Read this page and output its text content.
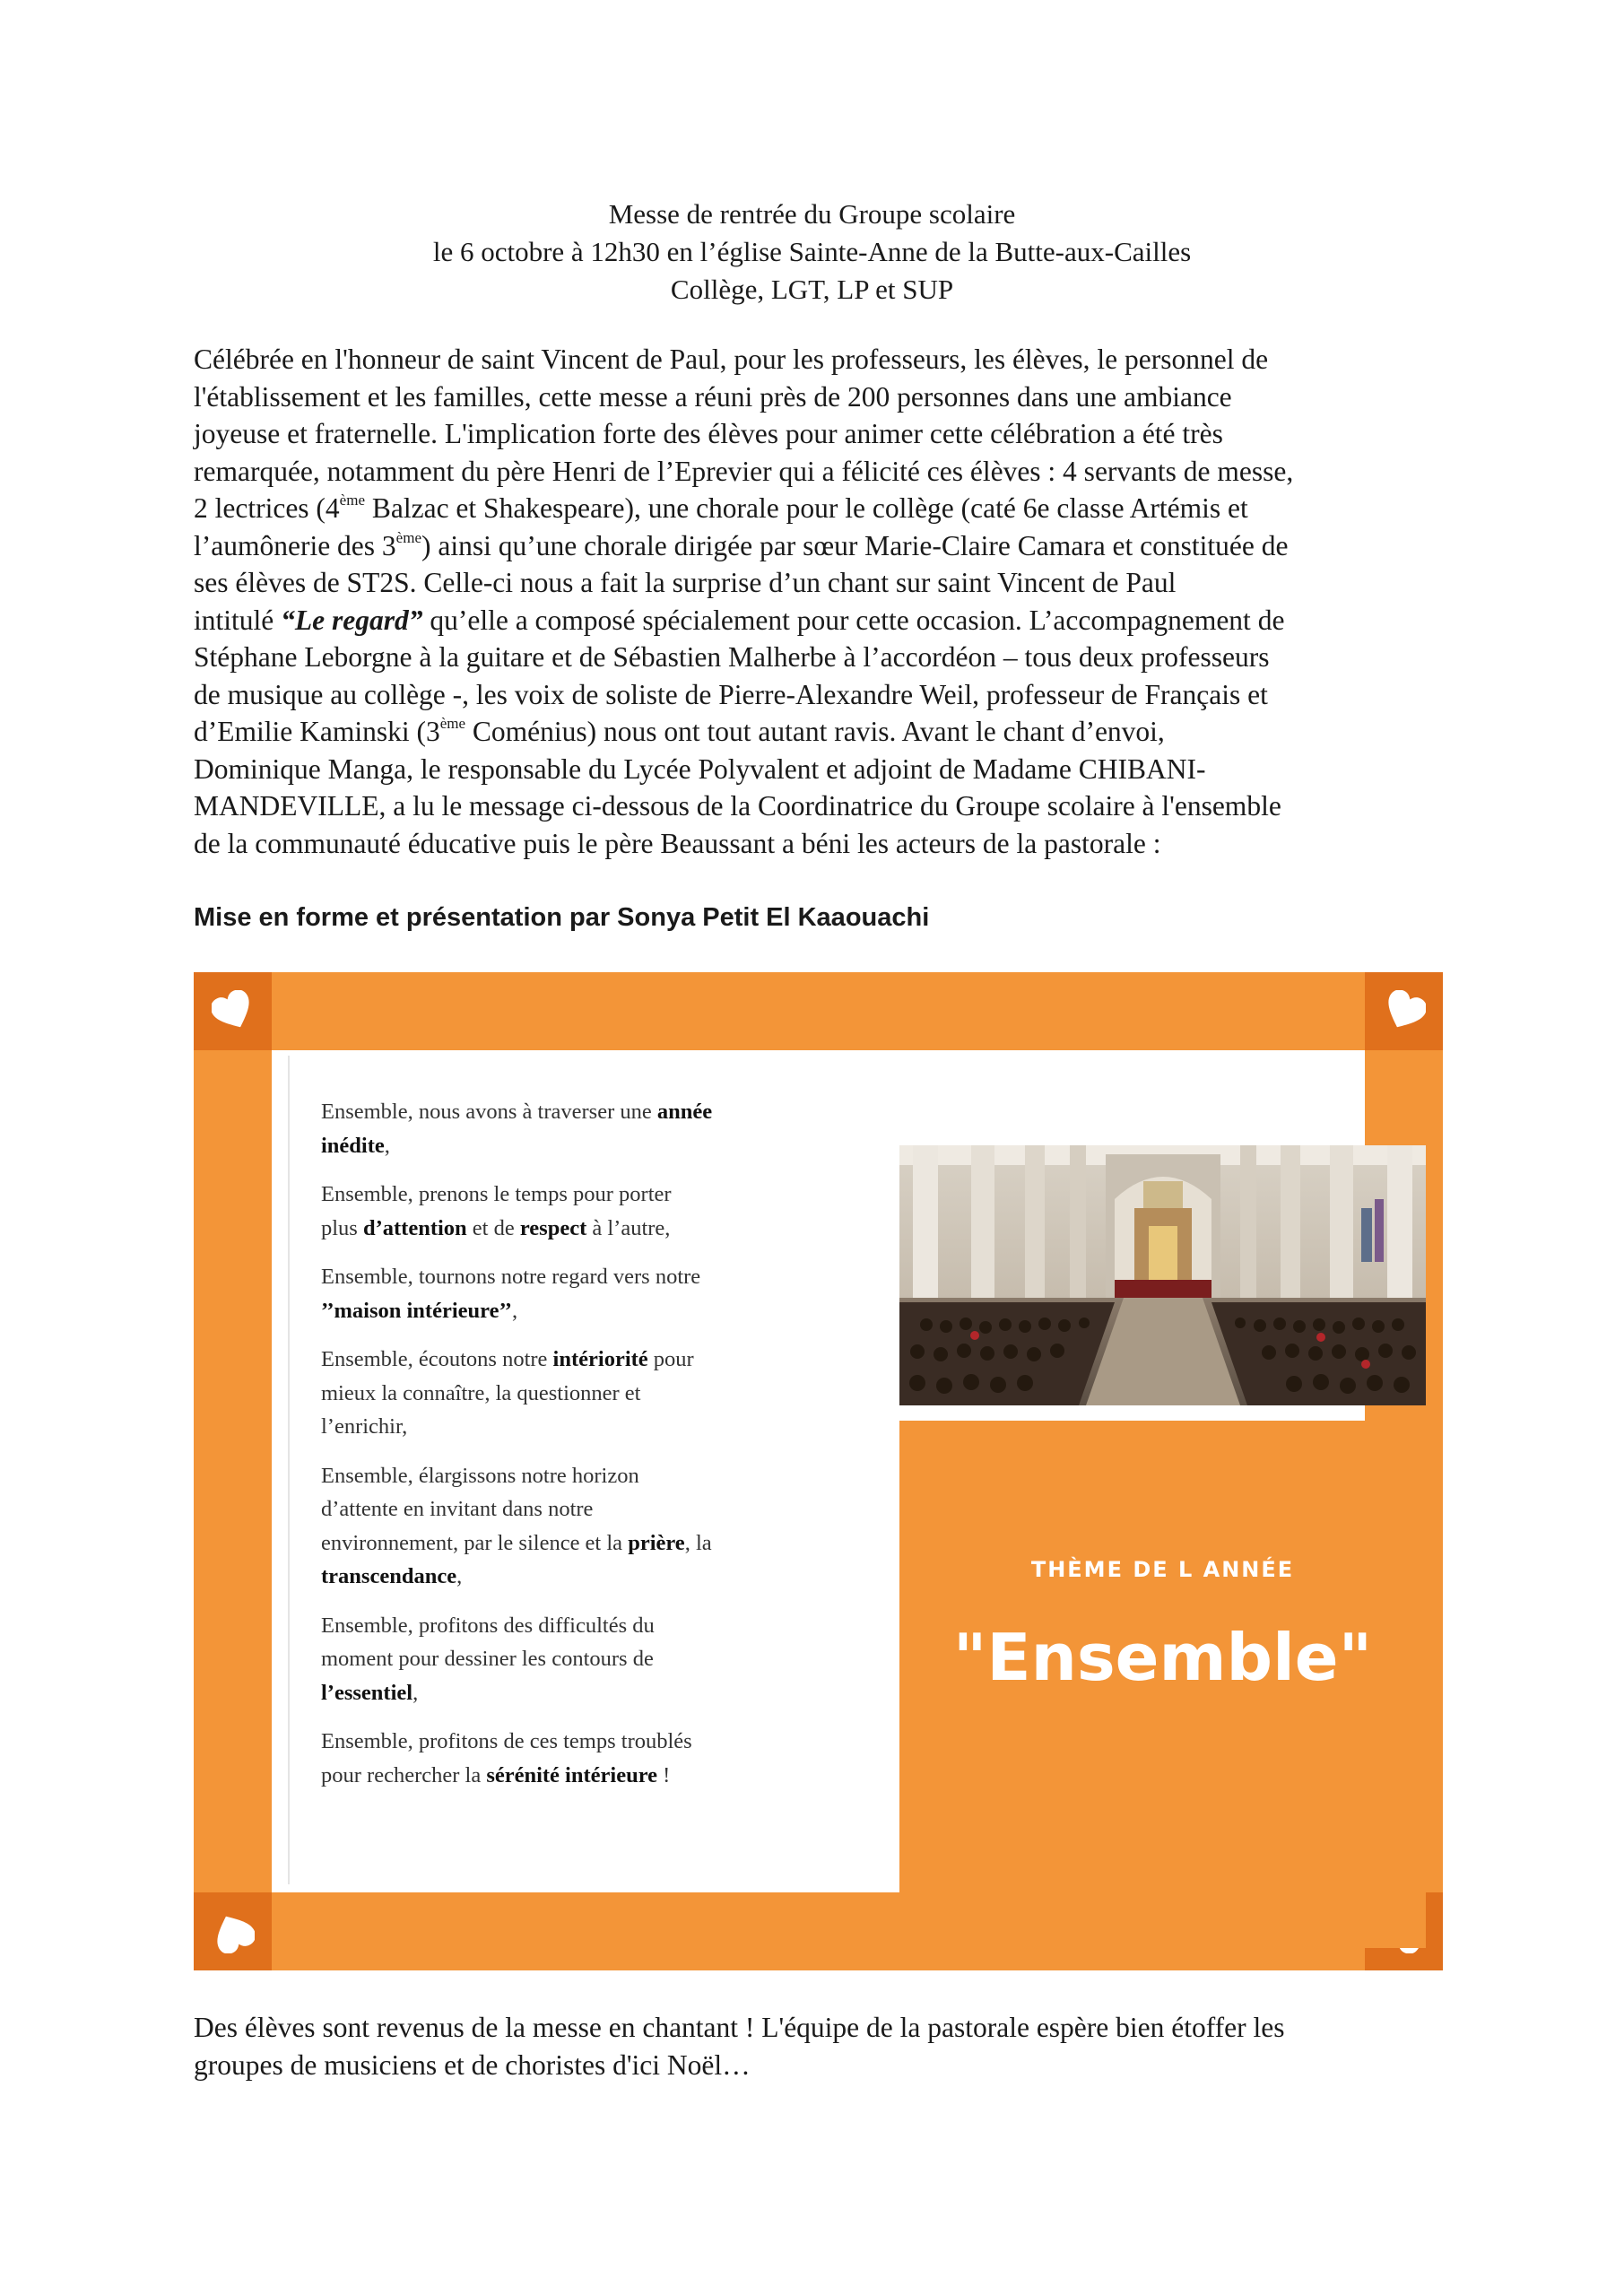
Messe de rentrée du Groupe scolaire
le 6 octobre à 12h30 en l’église Sainte-Anne de la Butte-aux-Cailles
Collège, LGT, LP et SUP
Célébrée en l'honneur de saint Vincent de Paul, pour les professeurs, les élèves, le personnel de
l'établissement et les familles, cette messe a réuni près de 200 personnes dans une ambiance
joyeuse et fraternelle. L'implication forte des élèves pour animer cette célébration a été très
remarquée, notamment du père Henri de l’Eprevier qui a félicité ces élèves : 4 servants de messe,
2 lectrices (4ème Balzac et Shakespeare), une chorale pour le collège (caté 6e classe Artémis et
l’aumônerie des 3ème) ainsi qu’une chorale dirigée par sœur Marie-Claire Camara et constituée de
ses élèves de ST2S. Celle-ci nous a fait la surprise d’un chant sur saint Vincent de Paul
intitulé “Le regard” qu’elle a composé spécialement pour cette occasion. L’accompagnement de
Stéphane Leborgne à la guitare et de Sébastien Malherbe à l’accordéon – tous deux professeurs
de musique au collège -, les voix de soliste de Pierre-Alexandre Weil, professeur de Français et
d’Emilie Kaminski (3ème Coménius) nous ont tout autant ravis. Avant le chant d’envoi,
Dominique Manga, le responsable du Lycée Polyvalent et adjoint de Madame CHIBANI-
MANDEVILLE, a lu le message ci-dessous de la Coordinatrice du Groupe scolaire à l'ensemble
de la communauté éducative puis le père Beaussant a béni les acteurs de la pastorale :
Mise en forme et présentation par Sonya Petit El Kaaouachi
Ensemble, nous avons à traverser une année
inédite,
Ensemble, prenons le temps pour porter
plus d’attention et de respect à l’autre,
Ensemble, tournons notre regard vers notre
’’maison intérieure’’,
Ensemble, écoutons notre intériorité pour
mieux la connaître, la questionner et
l’enrichir,
Ensemble, élargissons notre horizon
d’attente en invitant dans notre
environnement, par le silence et la prière, la
transcendance,
Ensemble, profitons des difficultés du
moment pour dessiner les contours de
l’essentiel,
Ensemble, profitons de ces temps troublés
pour rechercher la sérénité intérieure !
THÈME DE L ANNÉE
"Ensemble"
Des élèves sont revenus de la messe en chantant ! L'équipe de la pastorale espère bien étoffer les
groupes de musiciens et de choristes d'ici Noël…
